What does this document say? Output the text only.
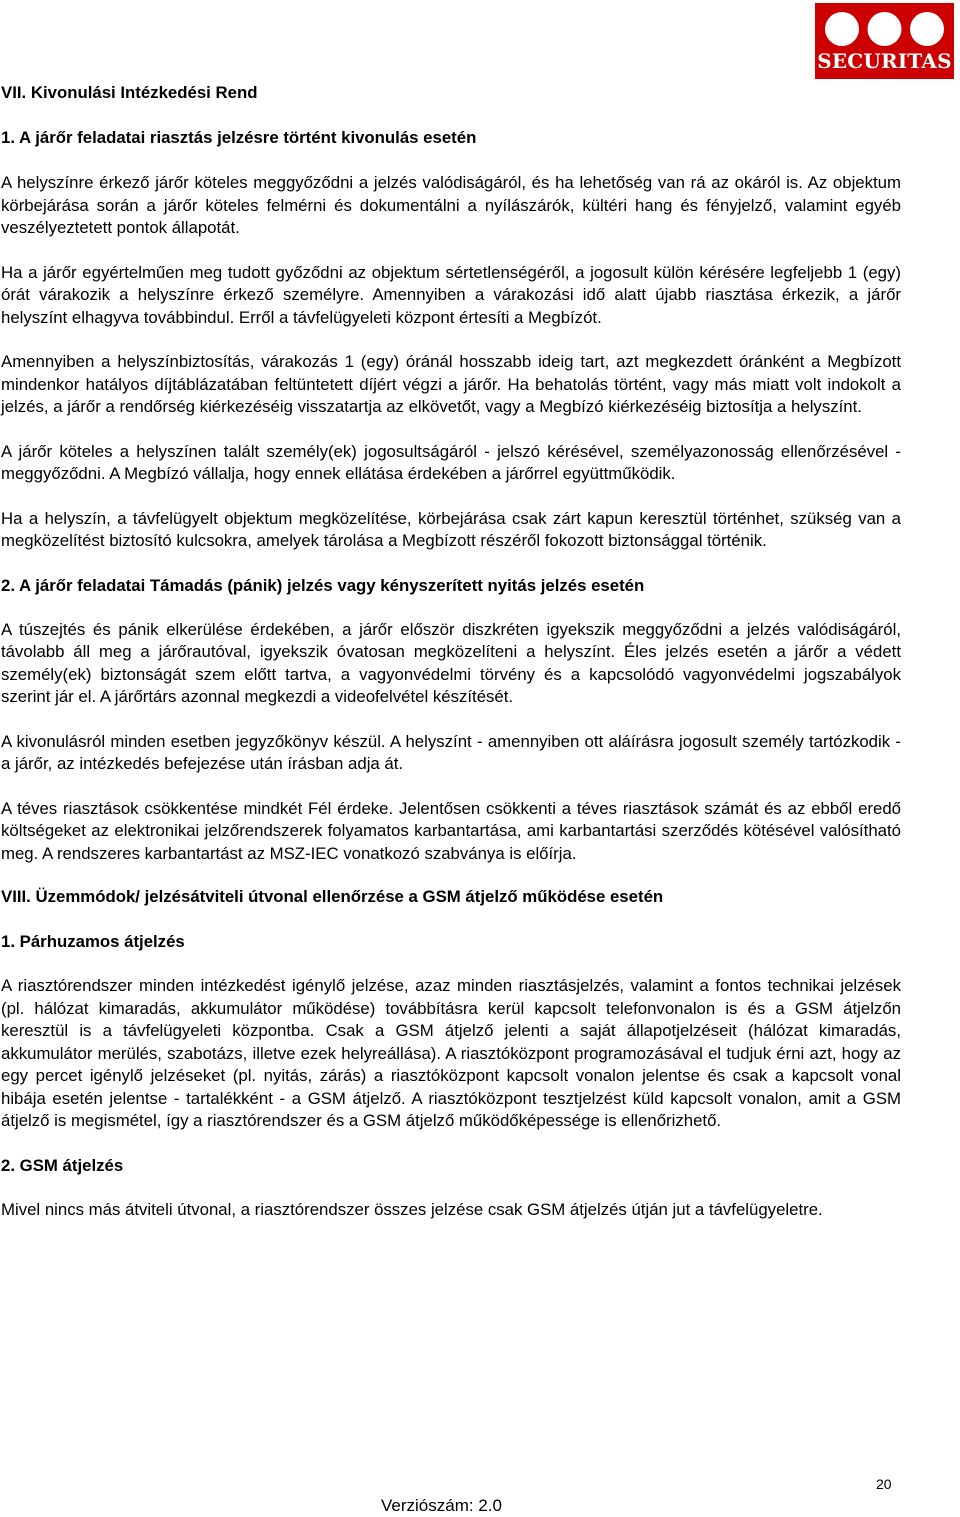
SECURITAS
VII. Kivonulási Intézkedési Rend
1. A járőr feladatai riasztás jelzésre történt kivonulás esetén

A helyszínre érkező járőr köteles meggyőződni a jelzés valódiságáról, és ha lehetőség van rá az okáról is. Az objektum körbejárása során a járőr köteles felmérni és dokumentálni a nyílászárók, kültéri hang és fényjelző, valamint egyéb veszélyeztetett pontok állapotát.

Ha a járőr egyértelműen meg tudott győződni az objektum sértetlenségéről, a jogosult külön kérésére legfeljebb 1 (egy) órát várakozik a helyszínre érkező személyre. Amennyiben a várakozási idő alatt újabb riasztása érkezik, a járőr helyszínt elhagyva továbbindul. Erről a távfelügyeleti központ értesíti a Megbízót.

Amennyiben a helyszínbiztosítás, várakozás 1 (egy) óránál hosszabb ideig tart, azt megkezdett óránként a Megbízott mindenkor hatályos díjtáblázatában feltüntetett díjért végzi a járőr. Ha behatolás történt, vagy más miatt volt indokolt a jelzés, a járőr a rendőrség kiérkezéséig visszatartja az elkövetőt, vagy a Megbízó kiérkezéséig biztosítja a helyszínt.

A járőr köteles a helyszínen talált személy(ek) jogosultságáról - jelszó kérésével, személyazonosság ellenőrzésével - meggyőződni. A Megbízó vállalja, hogy ennek ellátása érdekében a járőrrel együttműködik.

Ha a helyszín, a távfelügyelt objektum megközelítése, körbejárása csak zárt kapun keresztül történhet, szükség van a megközelítést biztosító kulcsokra, amelyek tárolása a Megbízott részéről fokozott biztonsággal történik.

2. A járőr feladatai Támadás (pánik) jelzés vagy kényszerített nyitás jelzés esetén

A túszejtés és pánik elkerülése érdekében, a járőr először diszkréten igyekszik meggyőződni a jelzés valódiságáról, távolabb áll meg a járőrautóval, igyekszik óvatosan megközelíteni a helyszínt. Éles jelzés esetén a járőr a védett személy(ek) biztonságát szem előtt tartva, a vagyonvédelmi törvény és a kapcsolódó vagyonvédelmi jogszabályok szerint jár el. A járőrtárs azonnal megkezdi a videofelvétel készítését.

A kivonulásról minden esetben jegyzőkönyv készül. A helyszínt - amennyiben ott aláírásra jogosult személy tartózkodik - a járőr, az intézkedés befejezése után írásban adja át.

A téves riasztások csökkentése mindkét Fél érdeke. Jelentősen csökkenti a téves riasztások számát és az ebből eredő költségeket az elektronikai jelzőrendszerek folyamatos karbantartása, ami karbantartási szerződés kötésével valósítható meg. A rendszeres karbantartást az MSZ-IEC vonatkozó szabványa is előírja.

VIII. Üzemmódok/ jelzésátviteli útvonal ellenőrzése a GSM átjelző működése esetén
1. Párhuzamos átjelzés

A riasztórendszer minden intézkedést igénylő jelzése, azaz minden riasztásjelzés, valamint a fontos technikai jelzések (pl. hálózat kimaradás, akkumulátor működése) továbbításra kerül kapcsolt telefonvonalon is és a GSM átjelzőn keresztül is a távfelügyeleti központba. Csak a GSM átjelző jelenti a saját állapotjelzéseit (hálózat kimaradás, akkumulátor merülés, szabotázs, illetve ezek helyreállása). A riasztóközpont programozásával el tudjuk érni azt, hogy az egy percet igénylő jelzéseket (pl. nyitás, zárás) a riasztóközpont kapcsolt vonalon jelentse és csak a kapcsolt vonal hibája esetén jelentse - tartalékként - a GSM átjelző. A riasztóközpont tesztjelzést küld kapcsolt vonalon, amit a GSM átjelző is megismétel, így a riasztórendszer és a GSM átjelző működőképessége is ellenőrizhető.

2. GSM átjelzés

Mivel nincs más átviteli útvonal, a riasztórendszer összes jelzése csak GSM átjelzés útján jut a távfelügyeletre.

20
Verziószám: 2.0
